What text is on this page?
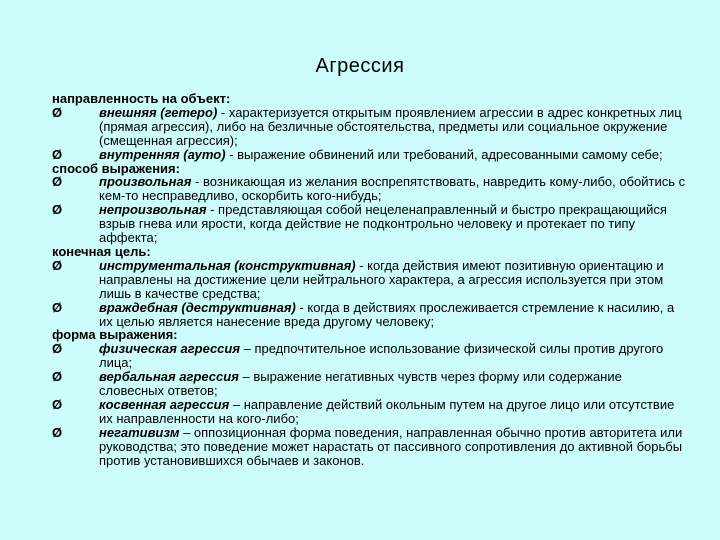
Агрессия

направленность на объект:

Ø	внешняя (гетеро) - характеризуется открытым проявлением агрессии в адрес конкретных лиц (прямая агрессия), либо на безличные обстоятельства, предметы или социальное окружение (смещенная агрессия);

Ø	внутренняя (ауто) - выражение обвинений или требований, адресованными самому себе;

способ выражения:

Ø	произвольная - возникающая из желания воспрепятствовать, навредить кому-либо, обойтись с кем-то несправедливо, оскорбить кого-нибудь;

Ø	непроизвольная - представляющая собой нецеленаправленный и быстро прекращающийся взрыв гнева или ярости, когда действие не подконтрольно человеку и протекает по типу аффекта;

конечная цель:

Ø	инструментальная (конструктивная) - когда действия имеют позитивную ориентацию и направлены на достижение цели нейтрального характера, а агрессия используется при этом лишь в качестве средства;

Ø	враждебная (деструктивная) - когда в действиях прослеживается стремление к насилию, а их целью является нанесение вреда другому человеку;

форма выражения:

Ø	физическая агрессия – предпочтительное использование физической силы против другого лица;

Ø	вербальная агрессия – выражение негативных чувств через форму или содержание словесных ответов;

Ø	косвенная агрессия – направление действий окольным путем на другое лицо или отсутствие их направленности на кого-либо;

Ø	негативизм – оппозиционная форма поведения, направленная обычно против авторитета или руководства; это поведение может нарастать от пассивного сопротивления до активной борьбы против установившихся обычаев и законов.
